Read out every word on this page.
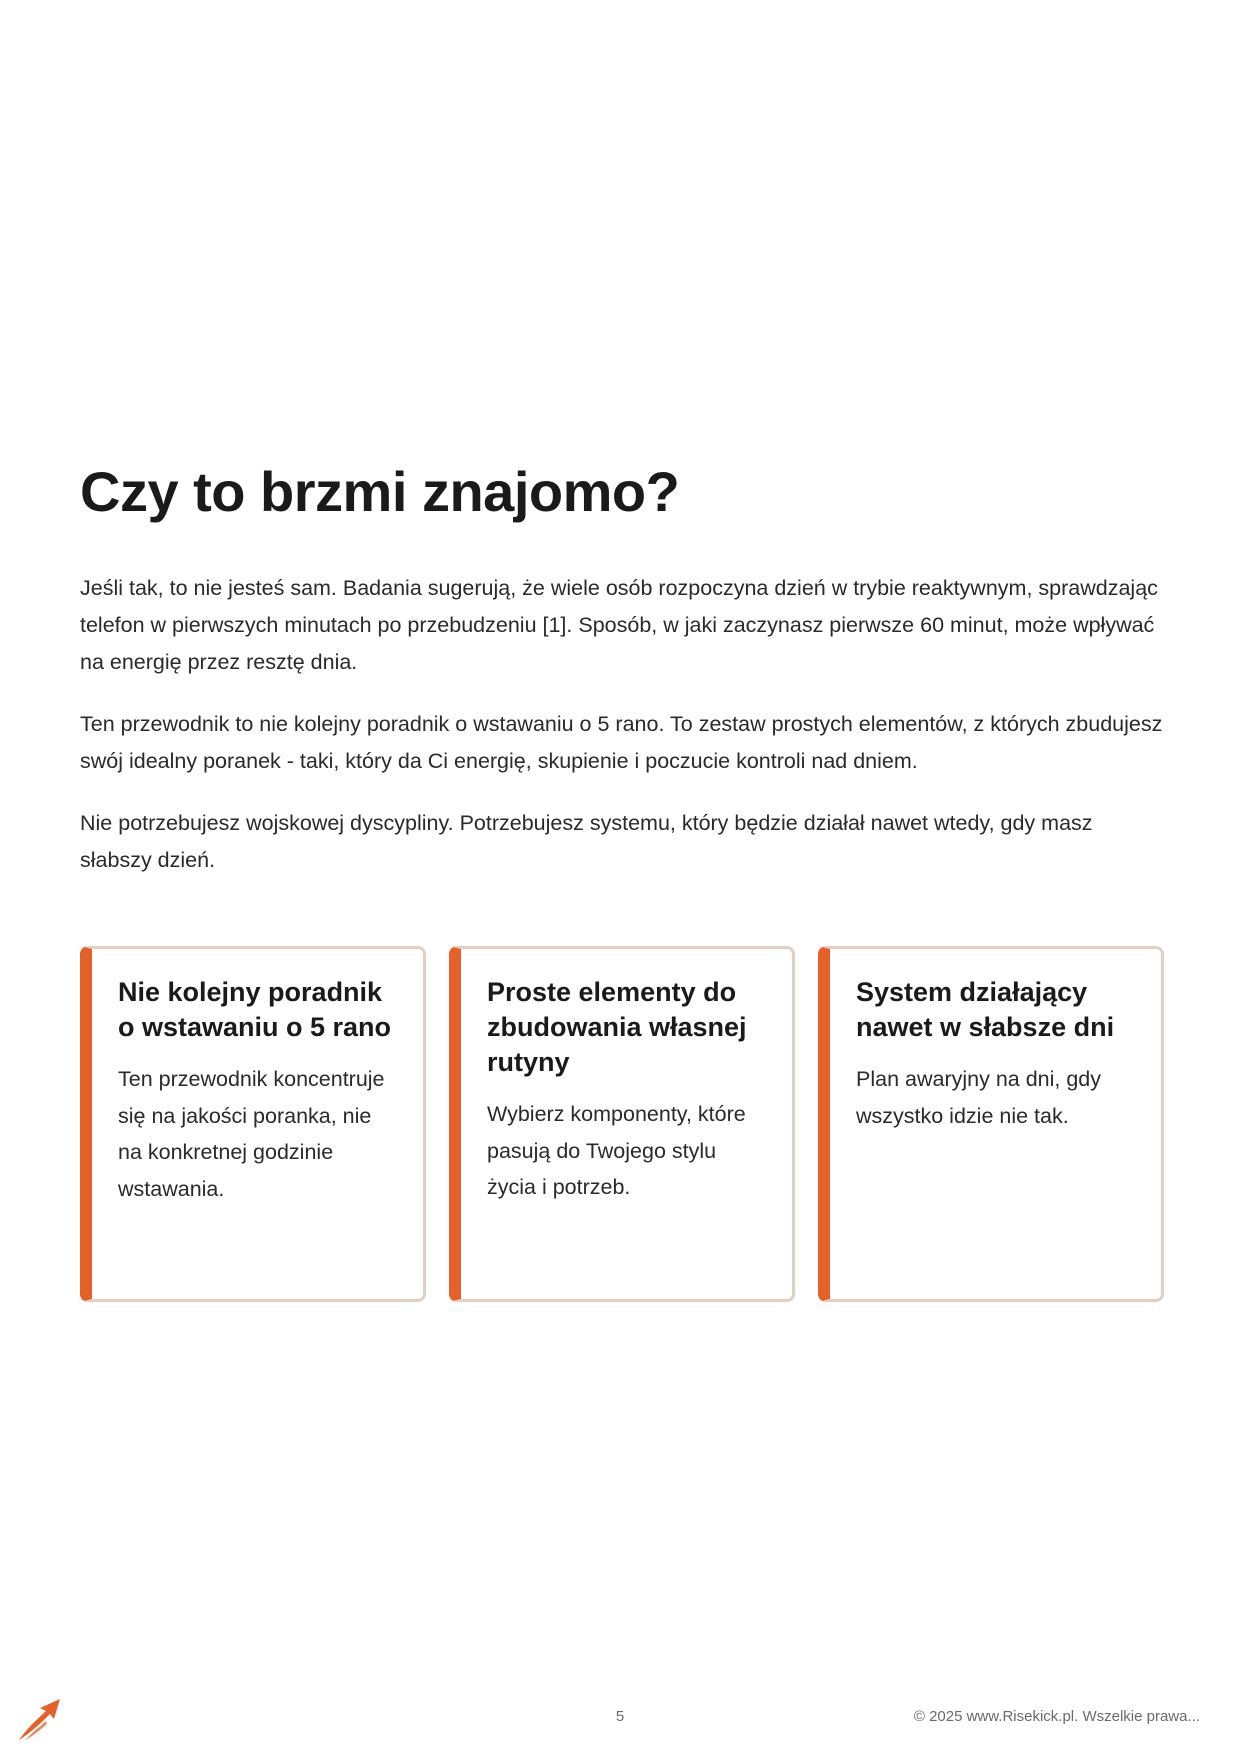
Czy to brzmi znajomo?

Jeśli tak, to nie jesteś sam. Badania sugerują, że wiele osób rozpoczyna dzień w trybie reaktywnym, sprawdzając telefon w pierwszych minutach po przebudzeniu [1]. Sposób, w jaki zaczynasz pierwsze 60 minut, może wpływać na energię przez resztę dnia.

Ten przewodnik to nie kolejny poradnik o wstawaniu o 5 rano. To zestaw prostych elementów, z których zbudujesz swój idealny poranek - taki, który da Ci energię, skupienie i poczucie kontroli nad dniem.

Nie potrzebujesz wojskowej dyscypliny. Potrzebujesz systemu, który będzie działał nawet wtedy, gdy masz słabszy dzień.

Nie kolejny poradnik o wstawaniu o 5 rano

Ten przewodnik koncentruje się na jakości poranka, nie na konkretnej godzinie wstawania.

Proste elementy do zbudowania własnej rutyny

Wybierz komponenty, które pasują do Twojego stylu życia i potrzeb.

System działający nawet w słabsze dni

Plan awaryjny na dni, gdy wszystko idzie nie tak.

5	© 2025 www.Risekick.pl. Wszelkie prawa...
